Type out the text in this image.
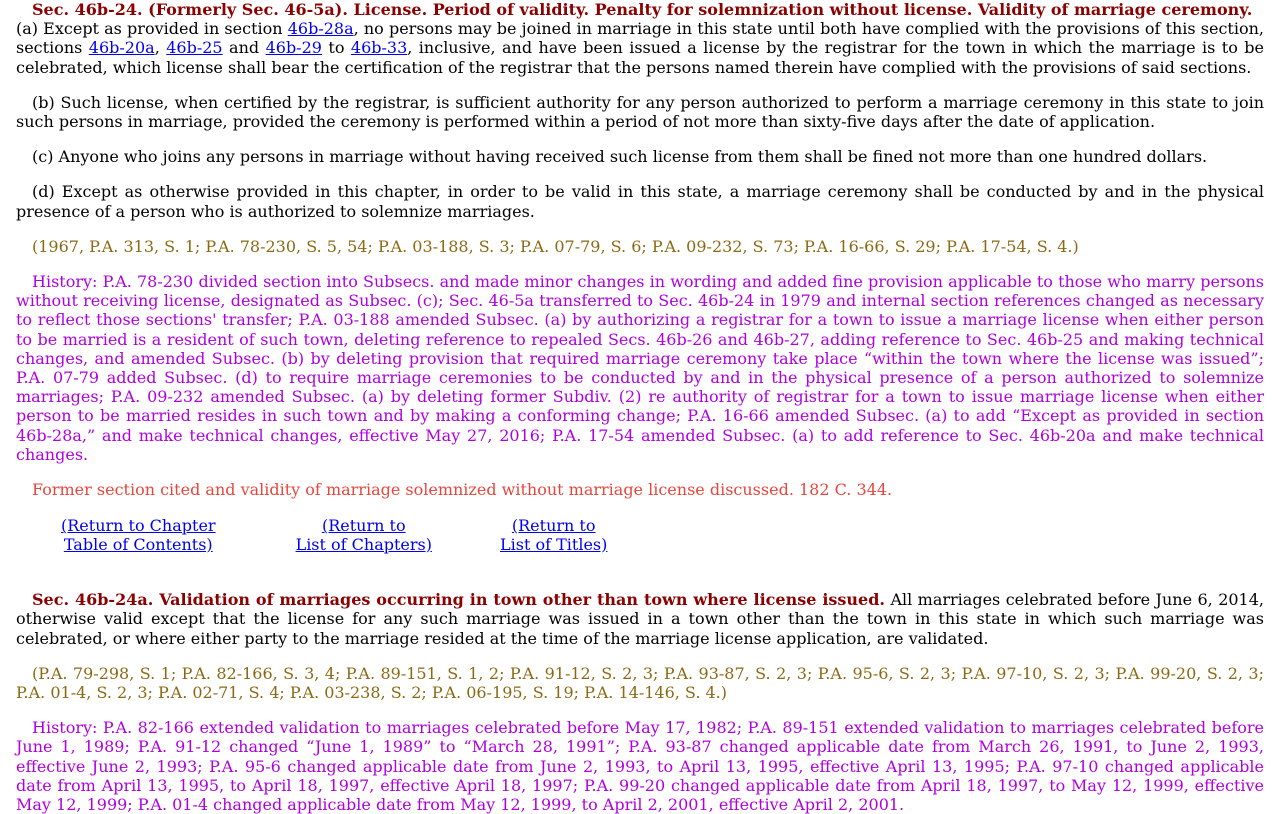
Sec. 46b-24. (Formerly Sec. 46-5a). License. Period of validity. Penalty for solemnization without license. Validity of marriage ceremony.
(a) Except as provided in section 46b-28a, no persons may be joined in marriage in this state until both have complied with the provisions of this section, sections 46b-20a, 46b-25 and 46b-29 to 46b-33, inclusive, and have been issued a license by the registrar for the town in which the marriage is to be celebrated, which license shall bear the certification of the registrar that the persons named therein have complied with the provisions of said sections.

(b) Such license, when certified by the registrar, is sufficient authority for any person authorized to perform a marriage ceremony in this state to join such persons in marriage, provided the ceremony is performed within a period of not more than sixty-five days after the date of application.

(c) Anyone who joins any persons in marriage without having received such license from them shall be fined not more than one hundred dollars.

(d) Except as otherwise provided in this chapter, in order to be valid in this state, a marriage ceremony shall be conducted by and in the physical presence of a person who is authorized to solemnize marriages.

(1967, P.A. 313, S. 1; P.A. 78-230, S. 5, 54; P.A. 03-188, S. 3; P.A. 07-79, S. 6; P.A. 09-232, S. 73; P.A. 16-66, S. 29; P.A. 17-54, S. 4.)

History: P.A. 78-230 divided section into Subsecs. and made minor changes in wording and added fine provision applicable to those who marry persons without receiving license, designated as Subsec. (c); Sec. 46-5a transferred to Sec. 46b-24 in 1979 and internal section references changed as necessary to reflect those sections' transfer; P.A. 03-188 amended Subsec. (a) by authorizing a registrar for a town to issue a marriage license when either person to be married is a resident of such town, deleting reference to repealed Secs. 46b-26 and 46b-27, adding reference to Sec. 46b-25 and making technical changes, and amended Subsec. (b) by deleting provision that required marriage ceremony take place “within the town where the license was issued”; P.A. 07-79 added Subsec. (d) to require marriage ceremonies to be conducted by and in the physical presence of a person authorized to solemnize marriages; P.A. 09-232 amended Subsec. (a) by deleting former Subdiv. (2) re authority of registrar for a town to issue marriage license when either person to be married resides in such town and by making a conforming change; P.A. 16-66 amended Subsec. (a) to add “Except as provided in section 46b-28a,” and make technical changes, effective May 27, 2016; P.A. 17-54 amended Subsec. (a) to add reference to Sec. 46b-20a and make technical changes.

Former section cited and validity of marriage solemnized without marriage license discussed. 182 C. 344.

(Return to Chapter
Table of Contents)
(Return to
List of Chapters)
(Return to
List of Titles)

Sec. 46b-24a. Validation of marriages occurring in town other than town where license issued. All marriages celebrated before June 6, 2014, otherwise valid except that the license for any such marriage was issued in a town other than the town in this state in which such marriage was celebrated, or where either party to the marriage resided at the time of the marriage license application, are validated.

(P.A. 79-298, S. 1; P.A. 82-166, S. 3, 4; P.A. 89-151, S. 1, 2; P.A. 91-12, S. 2, 3; P.A. 93-87, S. 2, 3; P.A. 95-6, S. 2, 3; P.A. 97-10, S. 2, 3; P.A. 99-20, S. 2, 3; P.A. 01-4, S. 2, 3; P.A. 02-71, S. 4; P.A. 03-238, S. 2; P.A. 06-195, S. 19; P.A. 14-146, S. 4.)

History: P.A. 82-166 extended validation to marriages celebrated before May 17, 1982; P.A. 89-151 extended validation to marriages celebrated before June 1, 1989; P.A. 91-12 changed “June 1, 1989” to “March 28, 1991”; P.A. 93-87 changed applicable date from March 26, 1991, to June 2, 1993, effective June 2, 1993; P.A. 95-6 changed applicable date from June 2, 1993, to April 13, 1995, effective April 13, 1995; P.A. 97-10 changed applicable date from April 13, 1995, to April 18, 1997, effective April 18, 1997; P.A. 99-20 changed applicable date from April 18, 1997, to May 12, 1999, effective May 12, 1999; P.A. 01-4 changed applicable date from May 12, 1999, to April 2, 2001, effective April 2, 2001.
